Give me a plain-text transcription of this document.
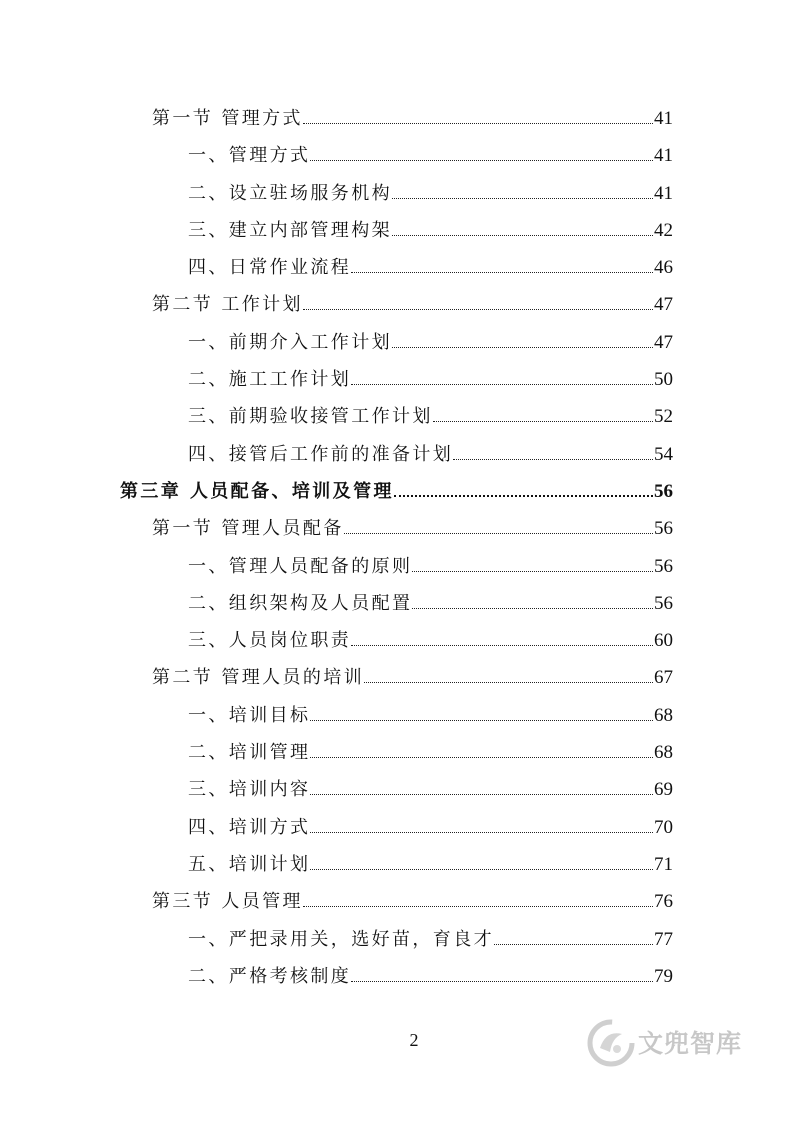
第一节 管理方式	41
一、管理方式	41
二、设立驻场服务机构	41
三、建立内部管理构架	42
四、日常作业流程	46
第二节 工作计划	47
一、前期介入工作计划	47
二、施工工作计划	50
三、前期验收接管工作计划	52
四、接管后工作前的准备计划	54
第三章 人员配备、培训及管理	56
第一节 管理人员配备	56
一、管理人员配备的原则	56
二、组织架构及人员配置	56
三、人员岗位职责	60
第二节 管理人员的培训	67
一、培训目标	68
二、培训管理	68
三、培训内容	69
四、培训方式	70
五、培训计划	71
第三节 人员管理	76
一、严把录用关，选好苗，育良才	77
二、严格考核制度	79
2	文兜智库
